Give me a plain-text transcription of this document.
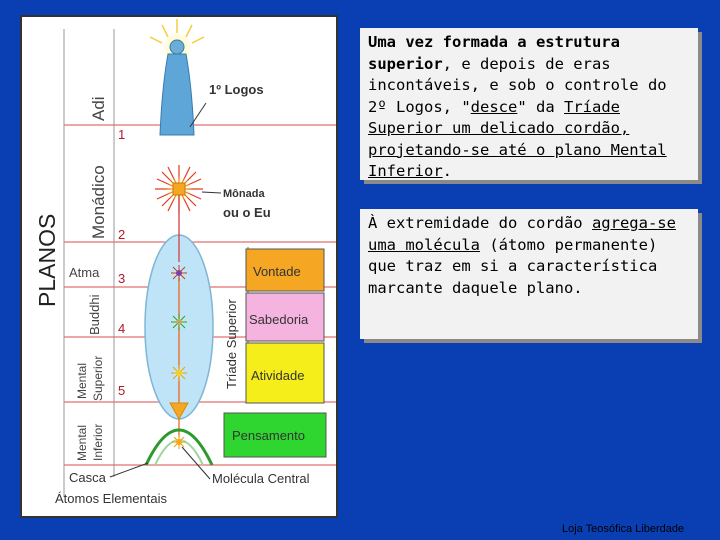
PLANOS
Adi
Monádico
Atma
Buddhi
Mental Superior
Mental Inferior
1
2
3
4
5
1º Logos
Mônada
ou o Eu
Tríade Superior
Vontade
Sabedoria
Atividade
Pensamento
Casca
Átomos Elementais
Molécula Central
Uma vez formada a estrutura superior, e depois de eras incontáveis, e sob o controle do 2º Logos, "desce" da Tríade Superior um delicado cordão, projetando-se até o plano Mental Inferior.
À extremidade do cordão agrega-se uma molécula (átomo permanente) que traz em si a característica marcante daquele plano.
Loja Teosófica Liberdade
